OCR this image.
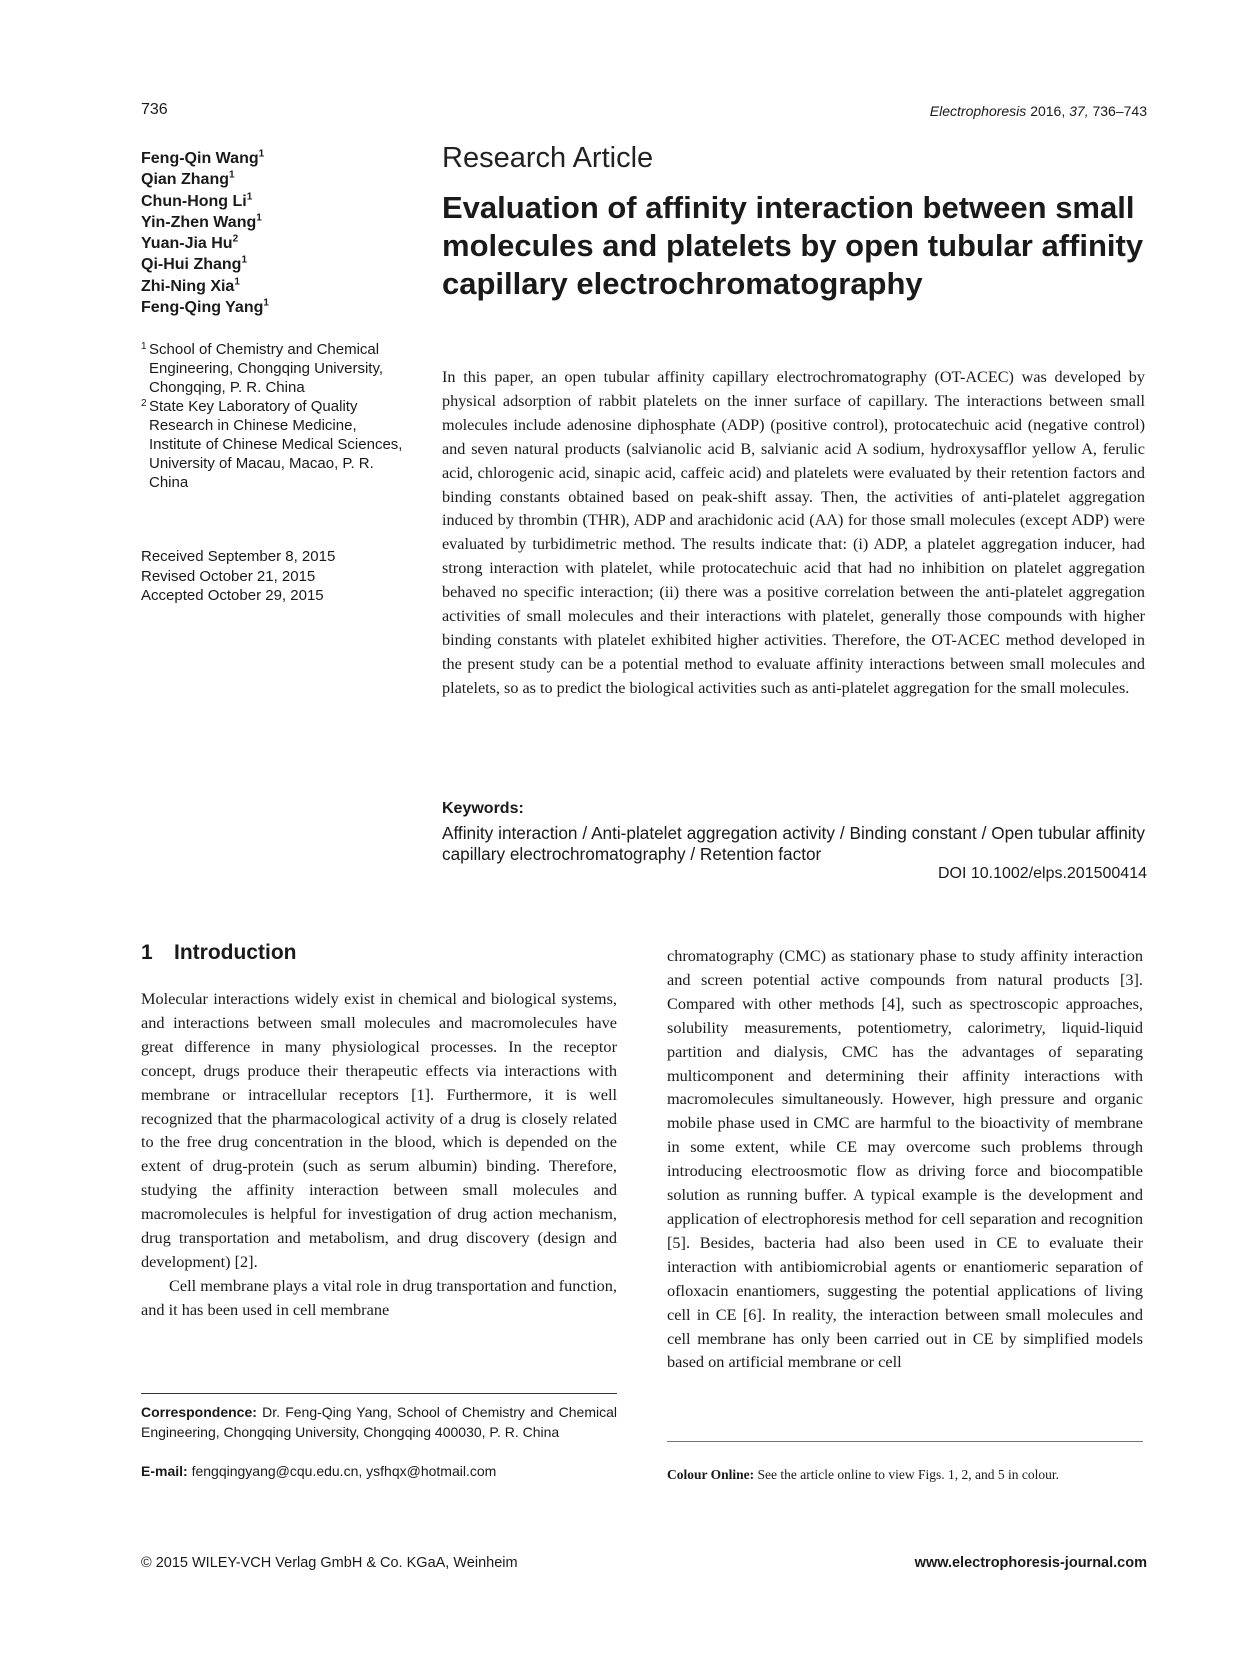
736	Electrophoresis 2016, 37, 736–743
Feng-Qin Wang$^1$
Qian Zhang$^1$
Chun-Hong Li$^1$
Yin-Zhen Wang$^1$
Yuan-Jia Hu$^2$
Qi-Hui Zhang$^1$
Zhi-Ning Xia$^1$
Feng-Qing Yang$^1$

1 School of Chemistry and Chemical Engineering, Chongqing University, Chongqing, P. R. China

2 State Key Laboratory of Quality Research in Chinese Medicine, Institute of Chinese Medical Sciences, University of Macau, Macao, P. R. China

Received September 8, 2015
Revised October 21, 2015
Accepted October 29, 2015
Research Article
Evaluation of affinity interaction between small molecules and platelets by open tubular affinity capillary electrochromatography

In this paper, an open tubular affinity capillary electrochromatography (OT-ACEC) was developed by physical adsorption of rabbit platelets on the inner surface of capillary. The interactions between small molecules include adenosine diphosphate (ADP) (positive control), protocatechuic acid (negative control) and seven natural products (salvianolic acid B, salvianic acid A sodium, hydroxysafflor yellow A, ferulic acid, chlorogenic acid, sinapic acid, caffeic acid) and platelets were evaluated by their retention factors and binding constants obtained based on peak-shift assay. Then, the activities of anti-platelet aggregation induced by thrombin (THR), ADP and arachidonic acid (AA) for those small molecules (except ADP) were evaluated by turbidimetric method. The results indicate that: (i) ADP, a platelet aggregation inducer, had strong interaction with platelet, while protocatechuic acid that had no inhibition on platelet aggregation behaved no specific interaction; (ii) there was a positive correlation between the anti-platelet aggregation activities of small molecules and their interactions with platelet, generally those compounds with higher binding constants with platelet exhibited higher activities. Therefore, the OT-ACEC method developed in the present study can be a potential method to evaluate affinity interactions between small molecules and platelets, so as to predict the biological activities such as anti-platelet aggregation for the small molecules.

Keywords:
Affinity interaction / Anti-platelet aggregation activity / Binding constant / Open tubular affinity capillary electrochromatography / Retention factor
DOI 10.1002/elps.201500414
1 Introduction

Molecular interactions widely exist in chemical and biological systems, and interactions between small molecules and macromolecules have great difference in many physiological processes. In the receptor concept, drugs produce their therapeutic effects via interactions with membrane or intracellular receptors [1]. Furthermore, it is well recognized that the pharmacological activity of a drug is closely related to the free drug concentration in the blood, which is depended on the extent of drug-protein (such as serum albumin) binding. Therefore, studying the affinity interaction between small molecules and macromolecules is helpful for investigation of drug action mechanism, drug transportation and metabolism, and drug discovery (design and development) [2].

Cell membrane plays a vital role in drug transportation and function, and it has been used in cell membrane

chromatography (CMC) as stationary phase to study affinity interaction and screen potential active compounds from natural products [3]. Compared with other methods [4], such as spectroscopic approaches, solubility measurements, potentiometry, calorimetry, liquid-liquid partition and dialysis, CMC has the advantages of separating multicomponent and determining their affinity interactions with macromolecules simultaneously. However, high pressure and organic mobile phase used in CMC are harmful to the bioactivity of membrane in some extent, while CE may overcome such problems through introducing electroosmotic flow as driving force and biocompatible solution as running buffer. A typical example is the development and application of electrophoresis method for cell separation and recognition [5]. Besides, bacteria had also been used in CE to evaluate their interaction with antibiomicrobial agents or enantiomeric separation of ofloxacin enantiomers, suggesting the potential applications of living cell in CE [6]. In reality, the interaction between small molecules and cell membrane has only been carried out in CE by simplified models based on artificial membrane or cell

Correspondence: Dr. Feng-Qing Yang, School of Chemistry and Chemical Engineering, Chongqing University, Chongqing 400030, P. R. China
E-mail: fengqingyang@cqu.edu.cn, ysfhqx@hotmail.com	Colour Online: See the article online to view Figs. 1, 2, and 5 in colour.
© 2015 WILEY-VCH Verlag GmbH & Co. KGaA, Weinheim	www.electrophoresis-journal.com
